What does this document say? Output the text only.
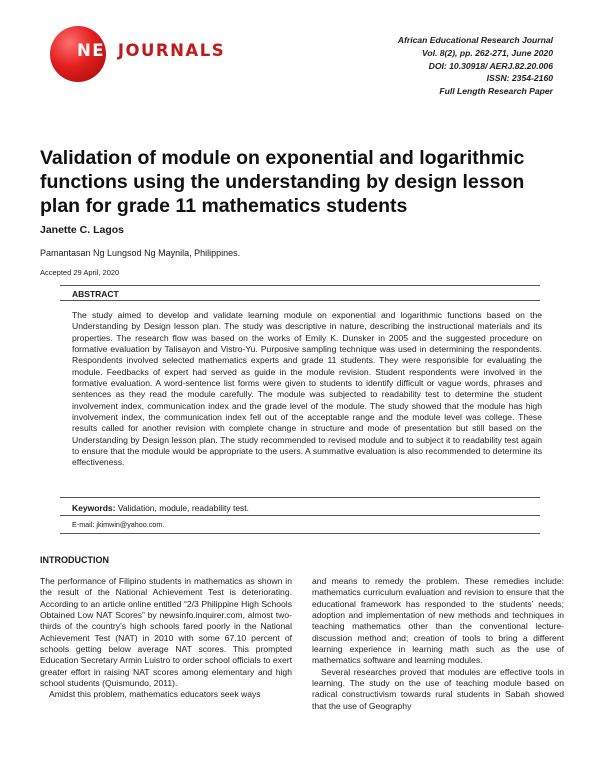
NETJOURNALS
African Educational Research Journal
Vol. 8(2), pp. 262-271, June 2020
DOI: 10.30918/ AERJ.82.20.006
ISSN: 2354-2160
Full Length Research Paper
Validation of module on exponential and logarithmic functions using the understanding by design lesson plan for grade 11 mathematics students
Janette C. Lagos
Pamantasan Ng Lungsod Ng Maynila, Philippines.
Accepted 29 April, 2020
ABSTRACT
The study aimed to develop and validate learning module on exponential and logarithmic functions based on the Understanding by Design lesson plan. The study was descriptive in nature, describing the instructional materials and its properties. The research flow was based on the works of Emily K. Dunsker in 2005 and the suggested procedure on formative evaluation by Talisayon and Vistro-Yu. Purposive sampling technique was used in determining the respondents. Respondents involved selected mathematics experts and grade 11 students. They were responsible for evaluating the module. Feedbacks of expert had served as guide in the module revision. Student respondents were involved in the formative evaluation. A word-sentence list forms were given to students to identify difficult or vague words, phrases and sentences as they read the module carefully. The module was subjected to readability test to determine the student involvement index, communication index and the grade level of the module. The study showed that the module has high involvement index, the communication index fell out of the acceptable range and the module level was college. These results called for another revision with complete change in structure and mode of presentation but still based on the Understanding by Design lesson plan. The study recommended to revised module and to subject it to readability test again to ensure that the module would be appropriate to the users. A summative evaluation is also recommended to determine its effectiveness.
Keywords: Validation, module, readability test.
E-mail: jkimwin@yahoo.com.
INTRODUCTION

The performance of Filipino students in mathematics as shown in the result of the National Achievement Test is deteriorating. According to an article online entitled “2/3 Philippine High Schools Obtained Low NAT Scores” by newsinfo.inquirer.com, almost two-thirds of the country’s high schools fared poorly in the National Achievement Test (NAT) in 2010 with some 67.10 percent of schools getting below average NAT scores. This prompted Education Secretary Armin Luistro to order school officials to exert greater effort in raising NAT scores among elementary and high school students (Quismundo, 2011).

Amidst this problem, mathematics educators seek ways

and means to remedy the problem. These remedies include: mathematics curriculum evaluation and revision to ensure that the educational framework has responded to the students’ needs; adoption and implementation of new methods and techniques in teaching mathematics other than the conventional lecture-discussion method and; creation of tools to bring a different learning experience in learning math such as the use of mathematics software and learning modules.

Several researches proved that modules are effective tools in learning. The study on the use of teaching module based on radical constructivism towards rural students in Sabah showed that the use of Geography
